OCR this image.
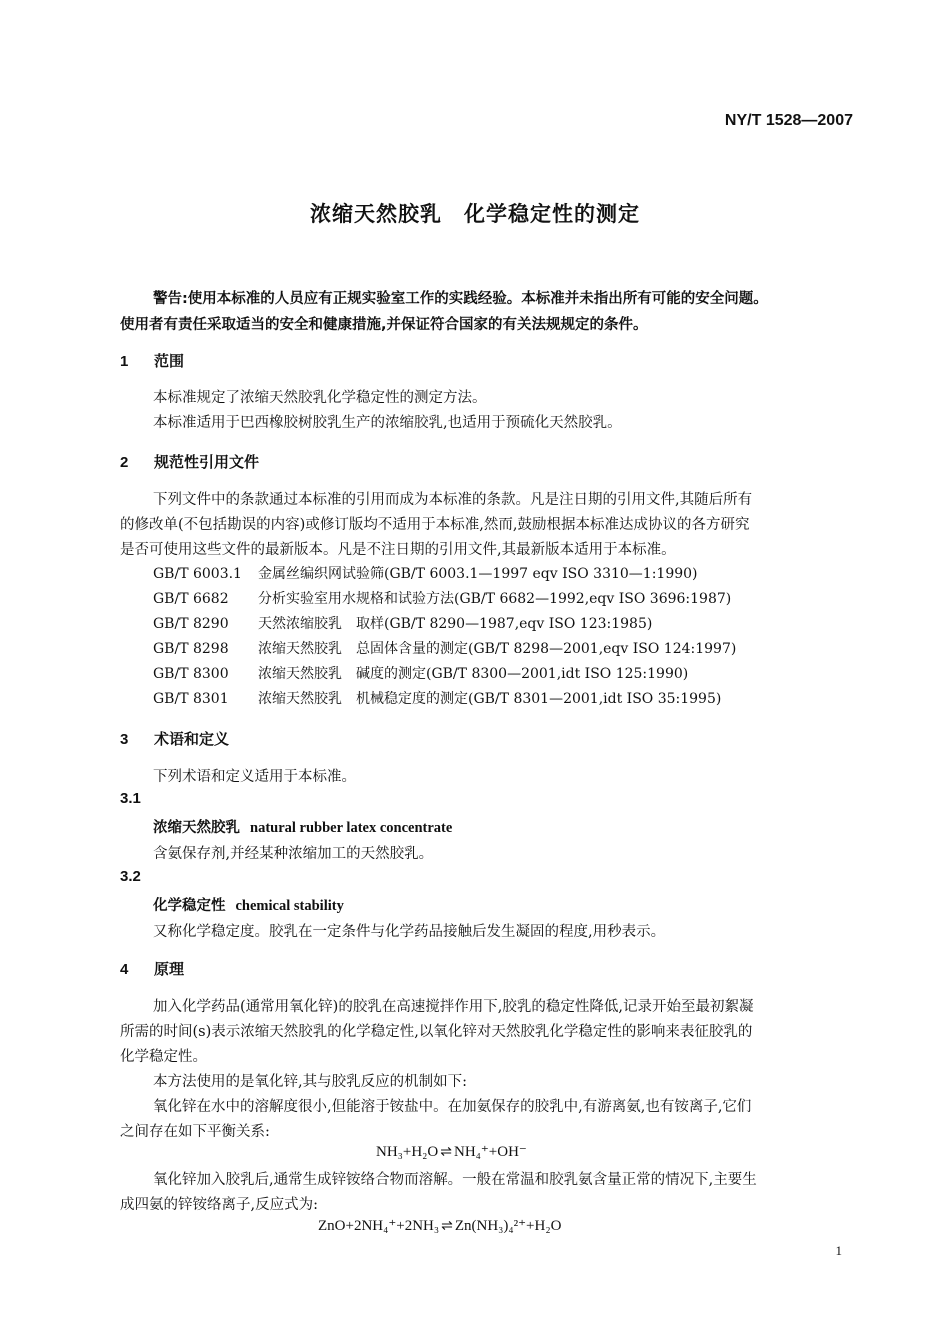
NY/T 1528—2007
浓缩天然胶乳 化学稳定性的测定
警告:使用本标准的人员应有正规实验室工作的实践经验。本标准并未指出所有可能的安全问题。
使用者有责任采取适当的安全和健康措施,并保证符合国家的有关法规规定的条件。
1 范围
本标准规定了浓缩天然胶乳化学稳定性的测定方法。
本标准适用于巴西橡胶树胶乳生产的浓缩胶乳,也适用于预硫化天然胶乳。
2 规范性引用文件
下列文件中的条款通过本标准的引用而成为本标准的条款。凡是注日期的引用文件,其随后所有
的修改单(不包括勘误的内容)或修订版均不适用于本标准,然而,鼓励根据本标准达成协议的各方研究
是否可使用这些文件的最新版本。凡是不注日期的引用文件,其最新版本适用于本标准。
GB/T 6003.1 金属丝编织网试验筛(GB/T 6003.1—1997 eqv ISO 3310—1:1990)
GB/T 6682 分析实验室用水规格和试验方法(GB/T 6682—1992,eqv ISO 3696:1987)
GB/T 8290 天然浓缩胶乳　取样(GB/T 8290—1987,eqv ISO 123:1985)
GB/T 8298 浓缩天然胶乳　总固体含量的测定(GB/T 8298—2001,eqv ISO 124:1997)
GB/T 8300 浓缩天然胶乳　碱度的测定(GB/T 8300—2001,idt ISO 125:1990)
GB/T 8301 浓缩天然胶乳　机械稳定度的测定(GB/T 8301—2001,idt ISO 35:1995)
3 术语和定义
下列术语和定义适用于本标准。
3.1
浓缩天然胶乳 natural rubber latex concentrate
含氨保存剂,并经某种浓缩加工的天然胶乳。
3.2
化学稳定性 chemical stability
又称化学稳定度。胶乳在一定条件与化学药品接触后发生凝固的程度,用秒表示。
4 原理
加入化学药品(通常用氧化锌)的胶乳在高速搅拌作用下,胶乳的稳定性降低,记录开始至最初絮凝
所需的时间(s)表示浓缩天然胶乳的化学稳定性,以氧化锌对天然胶乳化学稳定性的影响来表征胶乳的
化学稳定性。
本方法使用的是氧化锌,其与胶乳反应的机制如下:
氧化锌在水中的溶解度很小,但能溶于铵盐中。在加氨保存的胶乳中,有游离氨,也有铵离子,它们
之间存在如下平衡关系:
NH₃+H₂O ⇌ NH₄⁺+OH⁻
氧化锌加入胶乳后,通常生成锌铵络合物而溶解。一般在常温和胶乳氨含量正常的情况下,主要生
成四氨的锌铵络离子,反应式为:
ZnO+2NH₄⁺+2NH₃ ⇌ Zn(NH₃)₄²⁺+H₂O
1
